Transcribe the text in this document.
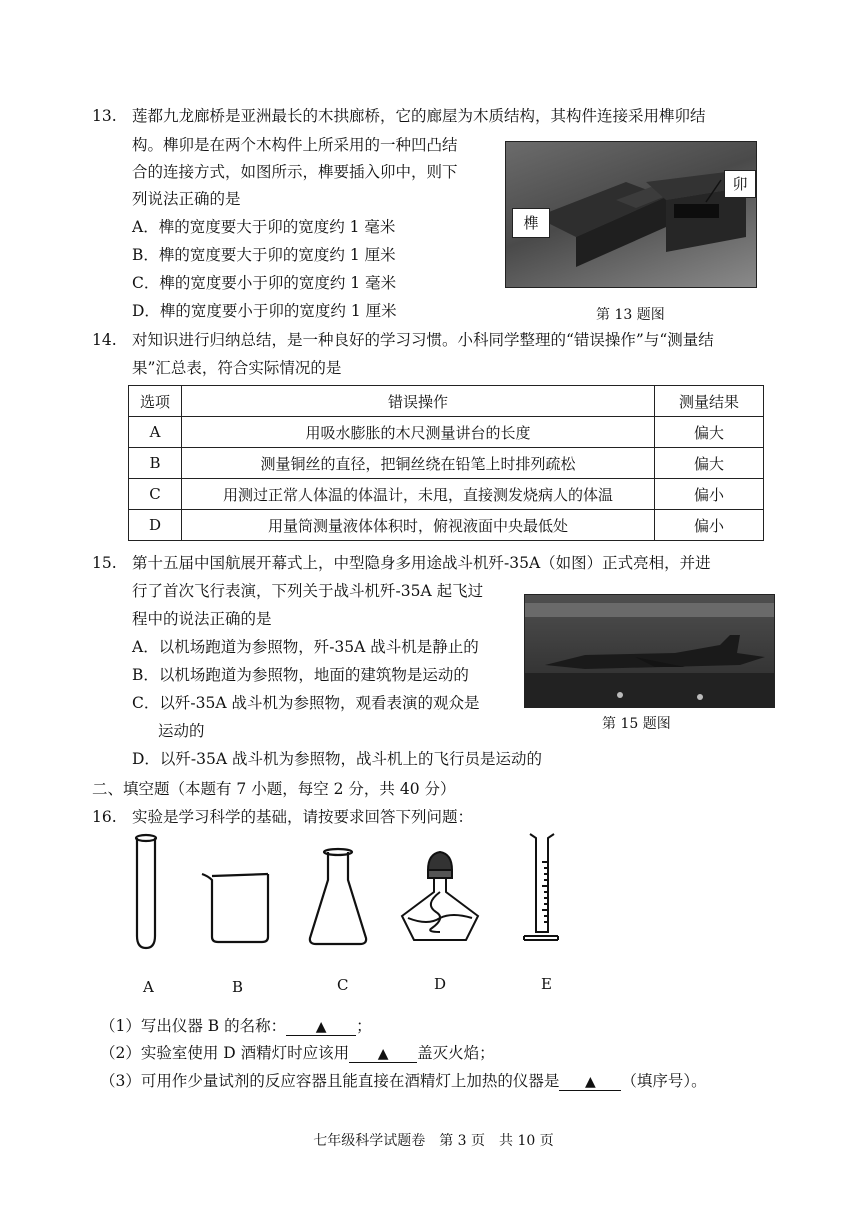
13. 莲都九龙廊桥是亚洲最长的木拱廊桥，它的廊屋为木质结构，其构件连接采用榫卯结
构。榫卯是在两个木构件上所采用的一种凹凸结
合的连接方式，如图所示，榫要插入卯中，则下
列说法正确的是
A．榫的宽度要大于卯的宽度约 1 毫米
B．榫的宽度要大于卯的宽度约 1 厘米
C．榫的宽度要小于卯的宽度约 1 毫米
D．榫的宽度要小于卯的宽度约 1 厘米
卯
榫
第 13 题图
14. 对知识进行归纳总结，是一种良好的学习习惯。小科同学整理的“错误操作”与“测量结
果”汇总表，符合实际情况的是
选项	错误操作	测量结果
A	用吸水膨胀的木尺测量讲台的长度	偏大
B	测量铜丝的直径，把铜丝绕在铅笔上时排列疏松	偏大
C	用测过正常人体温的体温计，未甩，直接测发烧病人的体温	偏小
D	用量筒测量液体体积时，俯视液面中央最低处	偏小
15. 第十五届中国航展开幕式上，中型隐身多用途战斗机歼-35A（如图）正式亮相，并进
行了首次飞行表演，下列关于战斗机歼-35A 起飞过
程中的说法正确的是
A．以机场跑道为参照物，歼-35A 战斗机是静止的
B．以机场跑道为参照物，地面的建筑物是运动的
C．以歼-35A 战斗机为参照物，观看表演的观众是
运动的
D．以歼-35A 战斗机为参照物，战斗机上的飞行员是运动的
第 15 题图
二、填空题（本题有 7 小题，每空 2 分，共 40 分）
16. 实验是学习科学的基础，请按要求回答下列问题：
A	B	C	D	E
（1）写出仪器 B 的名称： ▲ ；
（2）实验室使用 D 酒精灯时应该用 ▲ 盖灭火焰；
（3）可用作少量试剂的反应容器且能直接在酒精灯上加热的仪器是 ▲ （填序号）。
七年级科学试题卷　第 3 页　共 10 页
